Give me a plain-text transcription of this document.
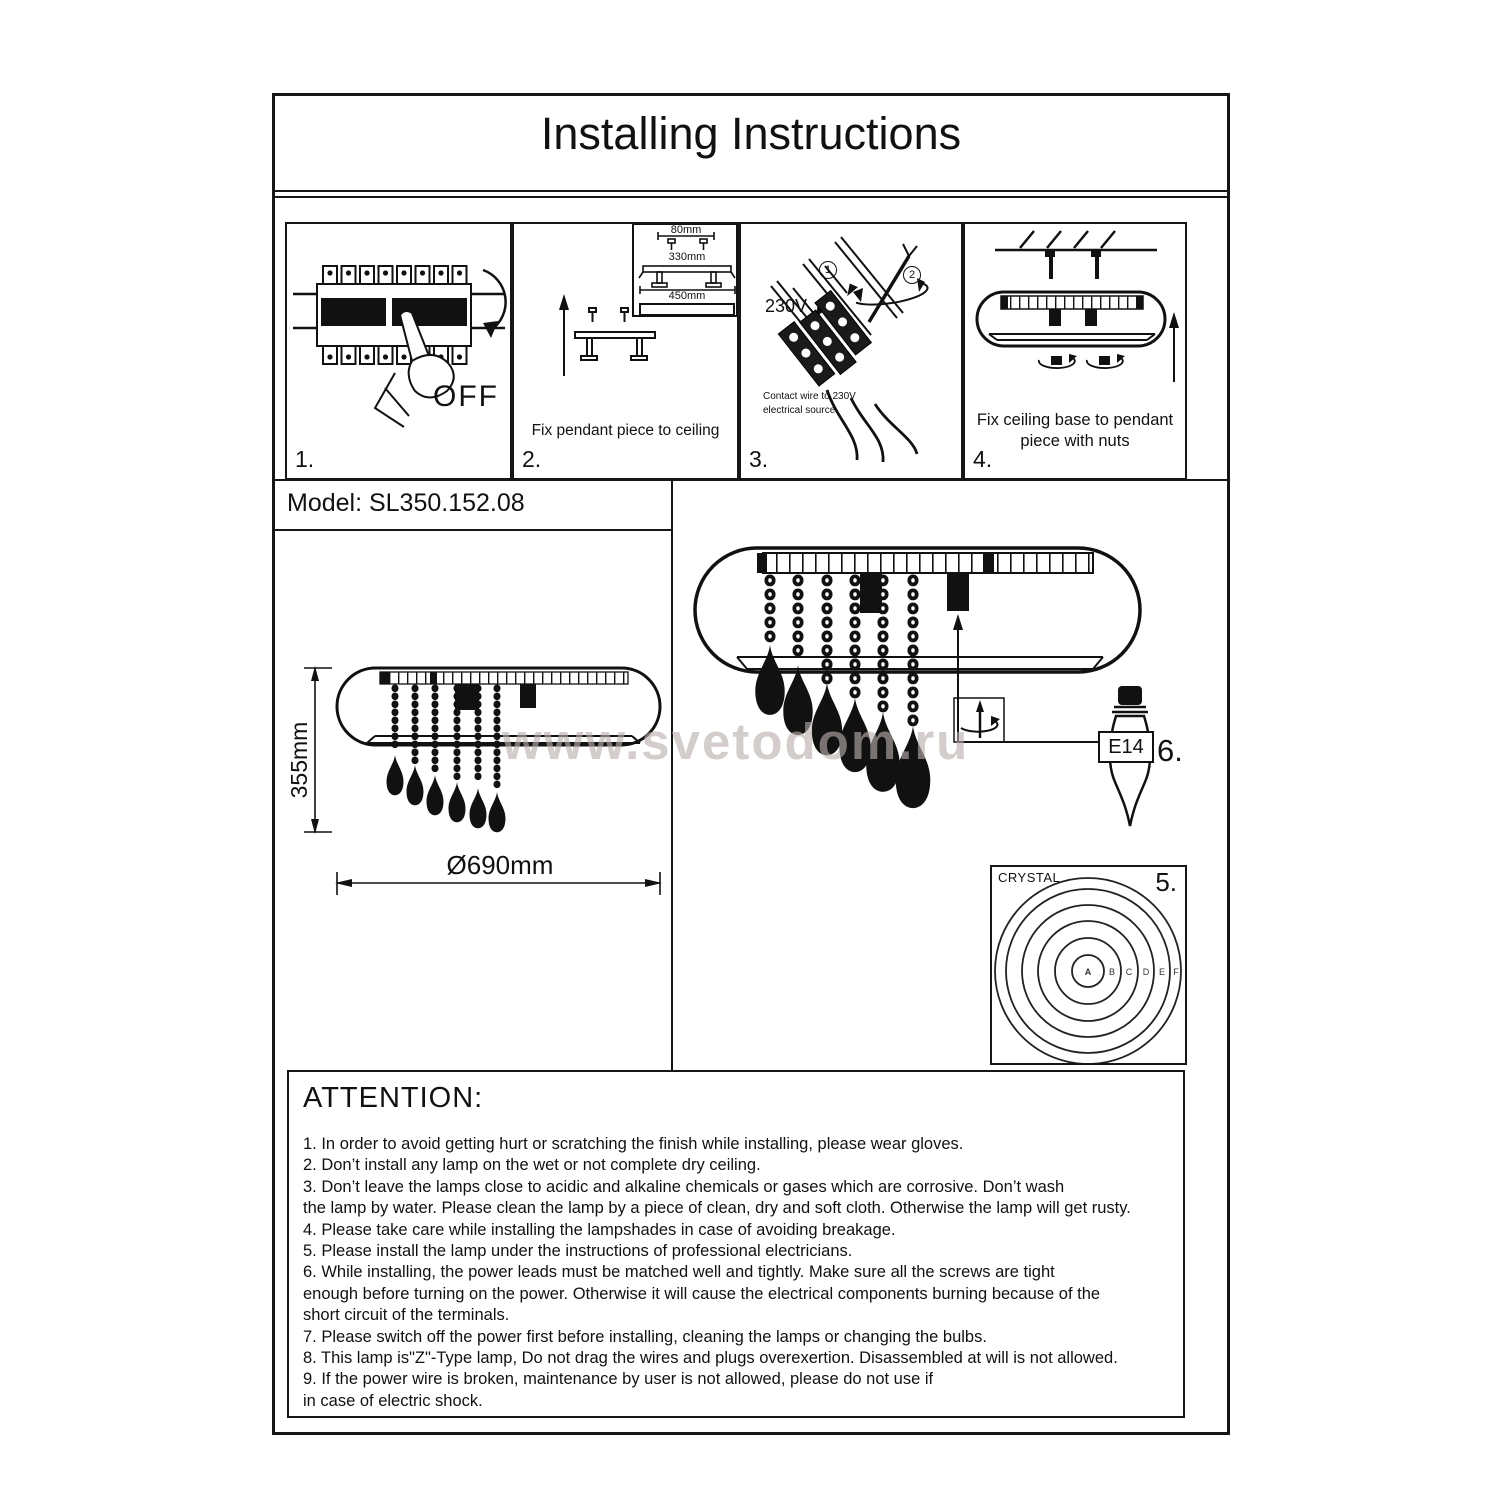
Installing Instructions
OFF
1.
80mm
330mm
450mm
Fix pendant piece to ceiling
2.
230V
1	2
Contact wire to 230V
electrical source
3.
Fix ceiling base to pendant
piece with nuts
4.
Model: SL350.152.08
355mm
Ø690mm
E14 6.
www.svetodom.ru
A B C D E F
CRYSTAL	5.
ATTENTION:
1. In order to avoid getting hurt or scratching the finish while installing, please wear gloves.
2. Don’t install any lamp on the wet or not complete dry ceiling.
3. Don’t leave the lamps close to acidic and alkaline chemicals or gases which are corrosive. Don’t wash
the lamp by water. Please clean the lamp by a piece of clean, dry and soft cloth. Otherwise the lamp will get rusty.
4. Please take care while installing the lampshades in case of avoiding breakage.
5. Please install the lamp under the instructions of professional electricians.
6. While installing, the power leads must be matched well and tightly. Make sure all the screws are tight
enough before turning on the power. Otherwise it will cause the electrical components burning because of the
short circuit of the terminals.
7. Please switch off the power first before installing, cleaning the lamps or changing the bulbs.
8. This lamp is"Z"-Type lamp, Do not drag the wires and plugs overexertion. Disassembled at will is not allowed.
9. If the power wire is broken, maintenance by user is not allowed, please do not use if
in case of electric shock.
